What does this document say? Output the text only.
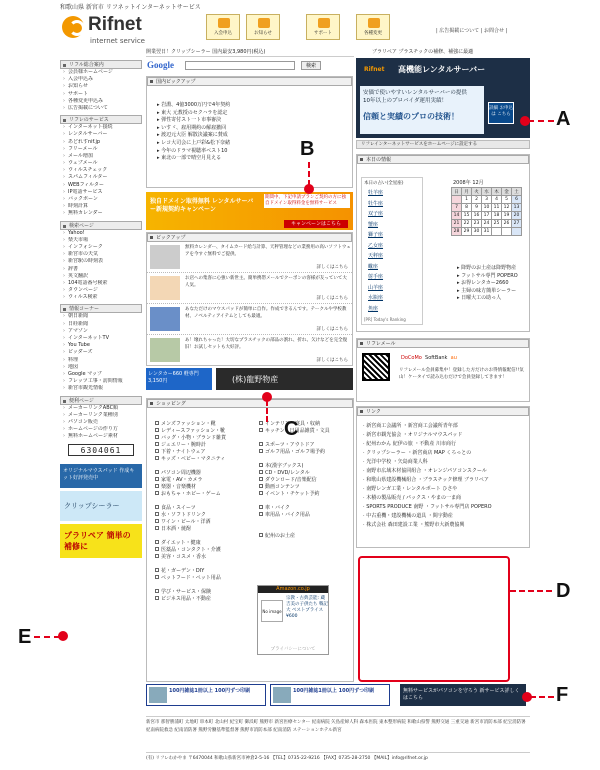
和歌山県 新宮市 リフネットインターネットサービス
Rifnet
internet service
入会申込	お知らせ	サポート	各種変更	| 広告掲載について | お問合せ |
開業翌日！クリップシーラー 国内最安3,980円(税込)	ブラリペア プラスチックの補修、補強に最適
リフル総合案内
› 会員様ホームページ
› 入会申込み
› お知らせ
› サポート
› 各種変更申込み
› 広告掲載について
リフレのサービス
› インターネット接続
› レンタルサーバー
› あどれすnif.jp
› フリーメール
› メール増加
› ウェブメール
› ウィルスチェック
› スパムフィルター
› WEBフィルター
› IP電話サービス
› バックボーン
› 時刻計算
› 無料カレンダー
検索ページ
› Yahoo!
› 楽天市場
› インフォシーク
› 新宮市の天気
› 新宮駅の時刻表
› 辞書
› 英文翻訳
› 104電話番号検索
› タウンページ
› ウィルス検索
情報コーナー
› 朝日新聞
› 日経新聞
› アマゾン
› インターネットTV
› You Tube
› ビッダーズ
› 料理
› 地図
› Google マップ
› フレッツ工事・訪問情報
› 新宮市観光情報
便利ページ
› メーカーリンクABC順
› メーカーリンク業種別
› パソコン販売
› ホームページの作り方
› 無料ホームページ素材
6304061
オリジナルマウスパッド 作成キット好評発売中
クリップシーラー
プラリペア 簡単の補修に
Google	検索
国内ピックアップ
▸ 岩淵、4億3000万円で4年契約
▸ 東大 元教授のセクハラを認定
▸ 弾性寄付スト一ト市事審決
▸ いすゞ、雇用期約の解雇撤回
▸ 渡辺元大臣 解散決議案に賛成
▸ レコ大司会に上戸彩&松下奈緒
▸ 今年のドラマ視聴率ベスト10
▸ 東北の一部で晴空月見える
独自ドメイン取得無料 レンタルサーバー新規契約キャンペーン
期間中、下記申請プランご契約の方に独自ドメイン取得料金を無料サービス
キャンペーンはこちら
ピックアップ
無料カレンダー、タイムカード給与計算、天秤管理などの業務用の高いソフトウェアを今すぐ無料でご提供。
詳しくはこちら
お店への集客に心強い新世主。簡単携帯メールでクーポンの客様が友っていて大人気。
詳しくはこちら
あなただけのマウスパッドが簡単に自作。作成できるんです。テークルや学校教材、ノベルティアイテムとしても最適。
詳しくはこちら
あ！壊れちゃった！大切なプラスチックの部品の割れ、折れ、欠けなどを完全復旧！お試しセットも大好評。
詳しくはこちら
レンタカー660 軽専門 3,150円	(株)龍野物産
ショッピング
メンズファッション・靴
レディースファッション・靴
バッグ・小物・ブランド雑貨
ジュエリー・腕時計
下着・ナイトウェア
キッズ・ベビー・マタニティ

パソコン周辺機器
家電・AV・カメラ
楽器・音楽機材
おもちゃ・ホビー・ゲーム

食品・スイーツ
水・ソフトドリンク
ワイン・ビール・洋酒
日本酒・焼酎

ダイエット・健康
医薬品・コンタクト・介護
美容・コスメ・香水

花・ガーデン・DIY
ペットフード・ペット用品

学び・サービス・保険
ビジネス用品・不動産
インテリア・寝具・収納
キッチン・日用品雑貨・文具

スポーツ・アウトドア
ゴルフ用品・ゴルフ場予約

本(漢字ブックス)
CD・DVD/レンタル
ダウンロード/音楽配信
動画コンテンツ
イベント・チケット予約

車・バイク
車用品・バイク用品

紀州のお土産
Amazon.co.jp
No image
宗教・古典芸能: 蔵吉美の子供たち 戦記大 ベストプライス ¥600
プライバシーについて
Rifnet 高機能レンタルサーバー
安価で使いやすいレンタルサーバーの提供
10年以上のプロバイダ運用実績！
信頼と実績のプロの技術！
詳細 お申込は こちら
リフレインターネットサービスをホームページに設定する
本日の情報
本日の占い(全星座)
牡羊座
牡牛座
双子座
蟹座
獅子座
乙女座
天秤座
蠍座
射手座
山羊座
水瓶座
魚座
[PR] Today's Ranking
2008年 12月
日	月	火	水	木	金	土
	1	2	3	4	5	6
7	8	9	10	11	12	13
14	15	16	17	18	19	20
21	22	23	24	25	26	27
28	29	30	31			
▸ 降野のお土産は降野物産
▸ フットサル専門 POPERO
▸ お得レンタカー2660
▸ 主婦の味方簡単シーラー
▸ 日曜大工の助っ人
リフレメール
DoCoMo SoftBank au
リフレメール会員募集中！登録した方だけのお得情報配信!!気山！ケータイで読み込むだけで会員登録してきます！
リンク
· 新宮商工会議所 ・新宮商工会議所青年部
· 新宮市観光協会 ・オリジナルマウスパッド
· 紀州わかん 紀伊の旅 ・不動産 川市商行
· クリップシーラー ・新宮商店 MAP くろっとの
· 光洋中学校 ・矢島商業人科
· 南野市広域木材協同組合 ・オレンジパソコンスクール
· 和歌山県建設機械組合 ・ブラスチック修理 ブラリペア
· 南野レンガ工業・レンタルボート ひさや
· 木積の製品販売 / パックス・やまの一ま商
· SPORTS PRODUCE 南野 ・フットサル専門店 POPERO
· 中古重機・建設機械の道具 ・間宇動産
· 株式会社 森田建設工業 ・熊野市大新農協興
100円雑誌1冊以上 100円ずつ印刷	100円雑誌1冊以上 100円ずつ印刷	無料サービスがパソコンを守ろう 新サービス詳しくはこちら
新宮市 那智勝浦町 太地町 串本町 北山村 紀宝町 御浜町 熊野市 新宮医療センター 紀南病院 矢島産婦人科 森本医院 東本整形病院 和歌山県警 熊野交通 三重交通 新宮市消防本部 紀宝消防署 紀南病院救急 紀南消防署 熊野労働基準監督署 熊野市消防本部 紀南消防 ステーションホテル新宮
(有) リフレわかやま 〒6470044 和歌山県新宮市神倉2-5-16 【TEL】0735-22-9216 【FAX】0735-28-2750 【MAIL】info@rifnet.or.jp
A
B
C
D
E
F
